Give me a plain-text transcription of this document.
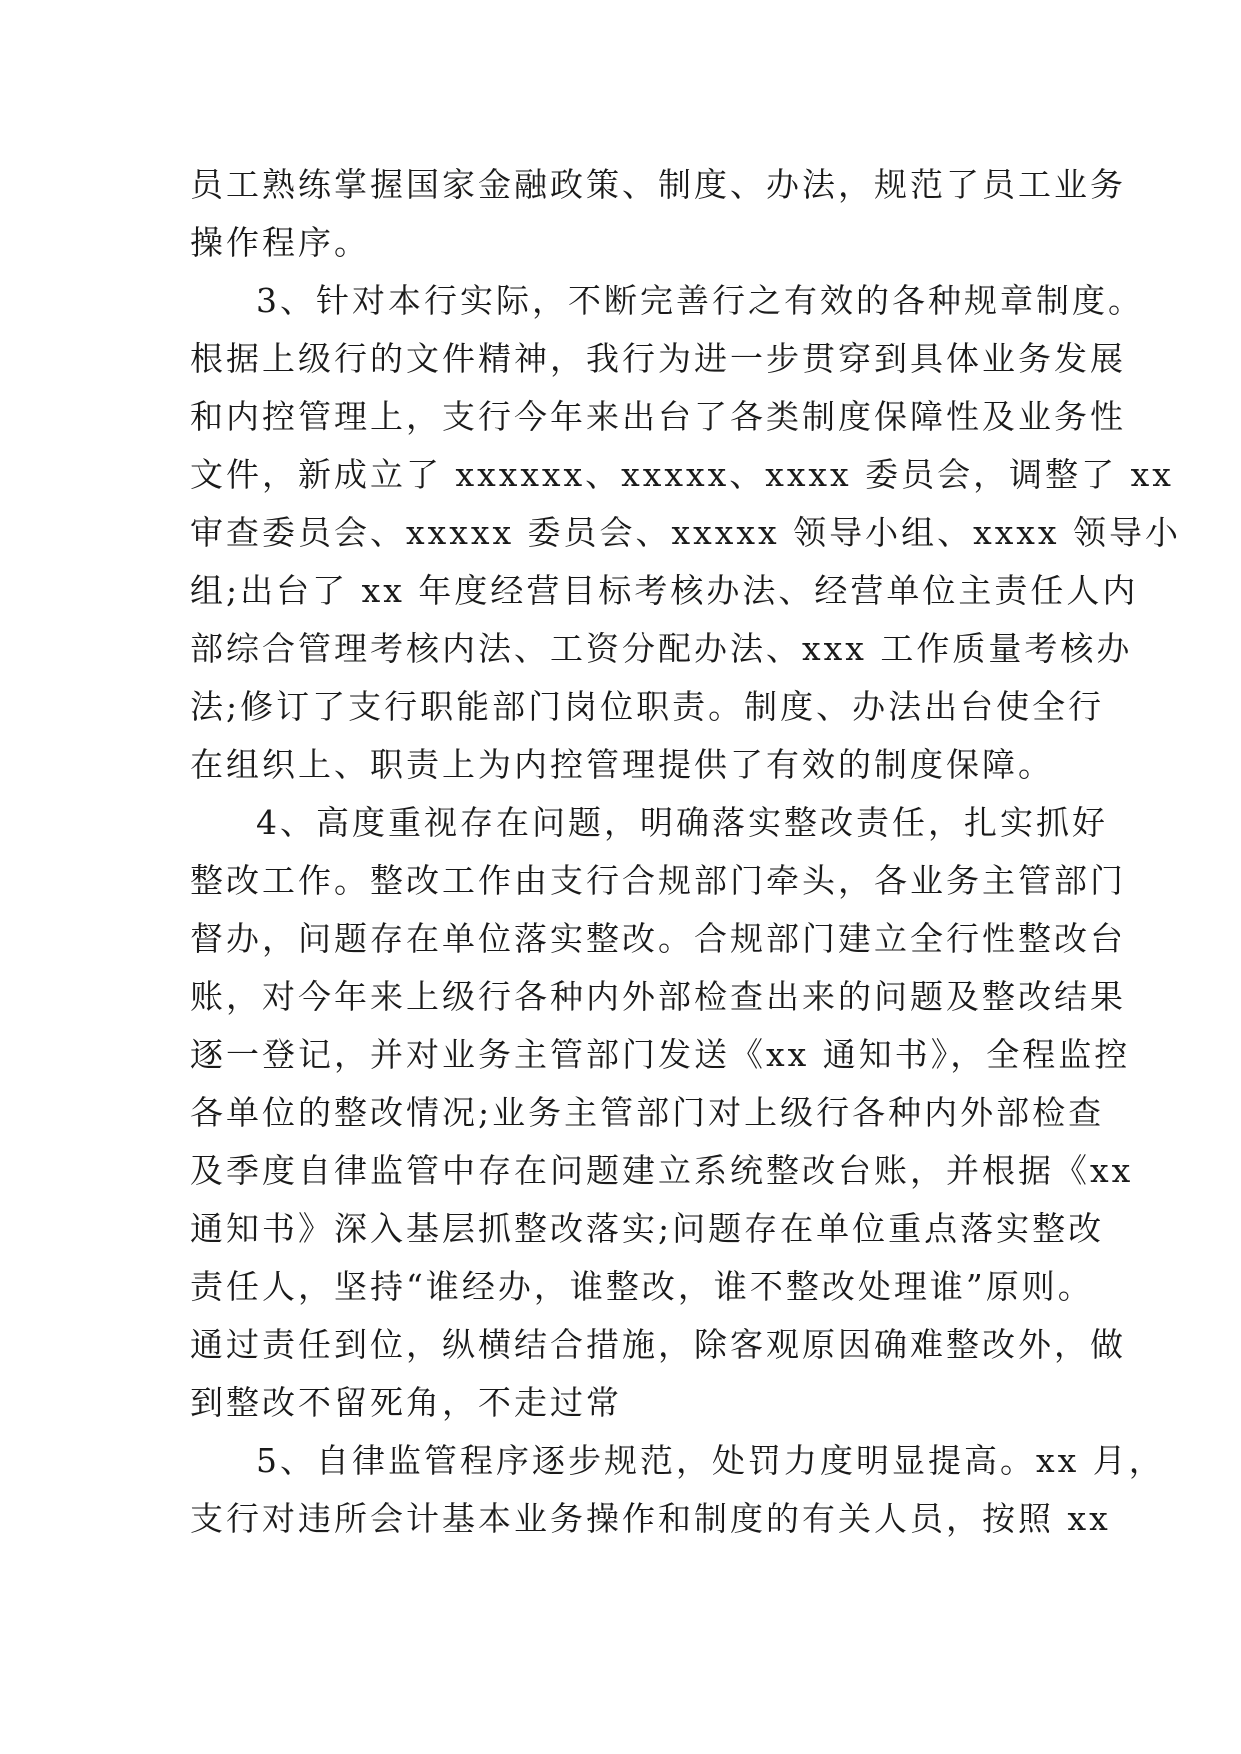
员工熟练掌握国家金融政策、制度、办法，规范了员工业务
操作程序。
3、针对本行实际，不断完善行之有效的各种规章制度。
根据上级行的文件精神，我行为进一步贯穿到具体业务发展
和内控管理上，支行今年来出台了各类制度保障性及业务性
文件，新成立了 xxxxxx、xxxxx、xxxx 委员会，调整了 xx
审查委员会、xxxxx 委员会、xxxxx 领导小组、xxxx 领导小
组;出台了 xx 年度经营目标考核办法、经营单位主责任人内
部综合管理考核内法、工资分配办法、xxx 工作质量考核办
法;修订了支行职能部门岗位职责。制度、办法出台使全行
在组织上、职责上为内控管理提供了有效的制度保障。
4、高度重视存在问题，明确落实整改责任，扎实抓好
整改工作。整改工作由支行合规部门牵头，各业务主管部门
督办，问题存在单位落实整改。合规部门建立全行性整改台
账，对今年来上级行各种内外部检查出来的问题及整改结果
逐一登记，并对业务主管部门发送《xx 通知书》，全程监控
各单位的整改情况;业务主管部门对上级行各种内外部检查
及季度自律监管中存在问题建立系统整改台账，并根据《xx
通知书》深入基层抓整改落实;问题存在单位重点落实整改
责任人，坚持“谁经办，谁整改，谁不整改处理谁”原则。
通过责任到位，纵横结合措施，除客观原因确难整改外，做
到整改不留死角，不走过常
5、自律监管程序逐步规范，处罚力度明显提高。xx 月，
支行对违所会计基本业务操作和制度的有关人员，按照 xx
